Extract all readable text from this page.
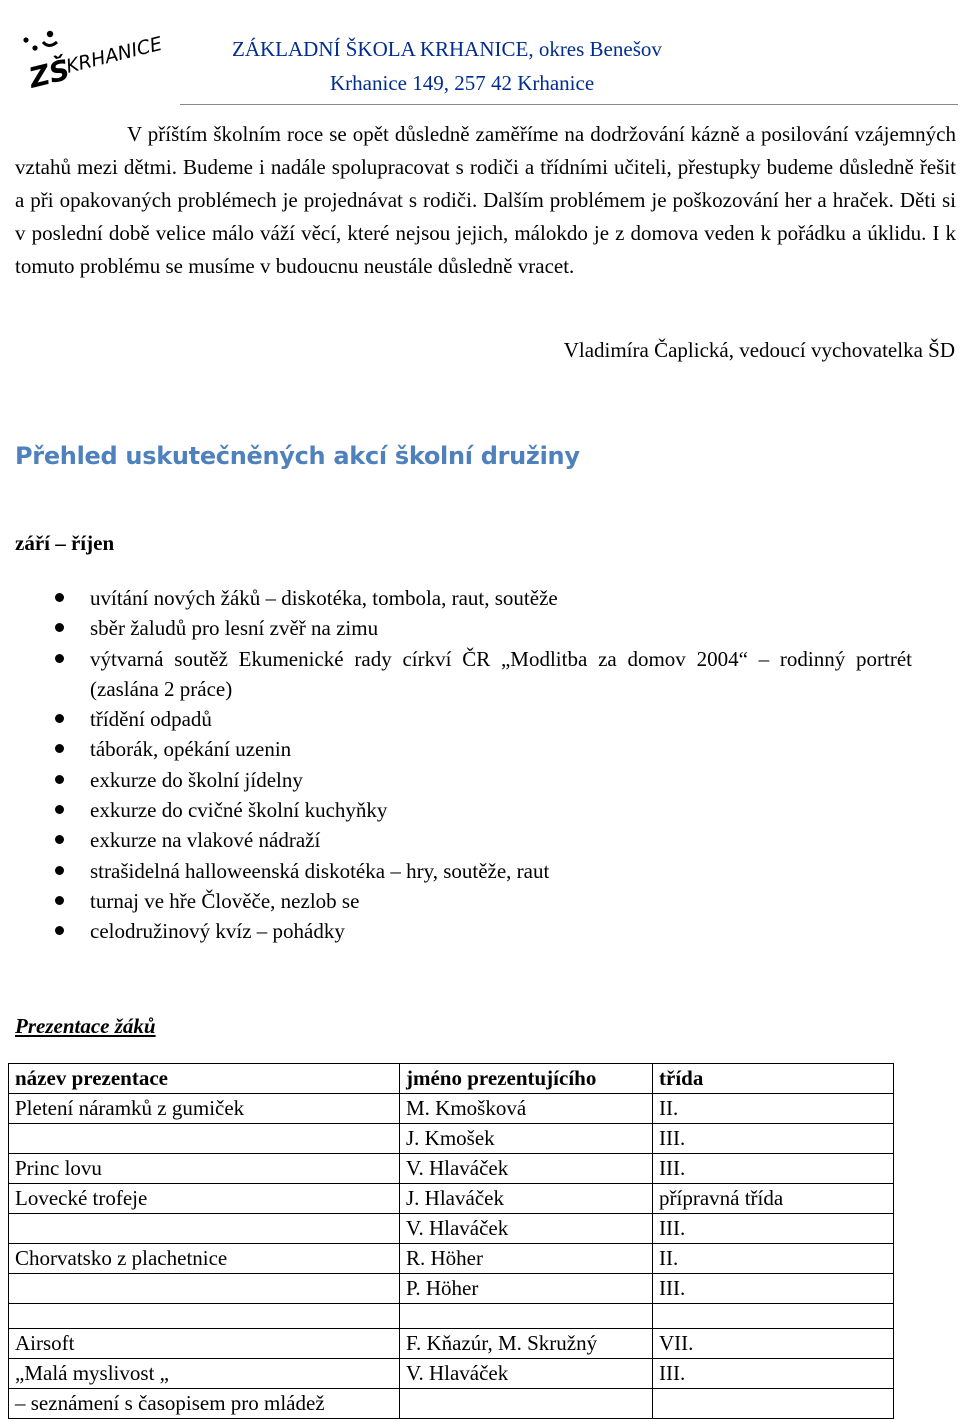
ZŠ
KRHANICE	ZÁKLADNÍ ŠKOLA KRHANICE, okres Benešov
Krhanice 149, 257 42 Krhanice

V příštím školním roce se opět důsledně zaměříme na dodržování kázně a posilování vzájemných vztahů mezi dětmi. Budeme i nadále spolupracovat s rodiči a třídními učiteli, přestupky budeme důsledně řešit a při opakovaných problémech je projednávat s rodiči. Dalším problémem je poškozování her a hraček. Děti si v poslední době velice málo váží věcí, které nejsou jejich, málokdo je z domova veden k pořádku a úklidu. I k tomuto problému se musíme v budoucnu neustále důsledně vracet.

Vladimíra Čaplická, vedoucí vychovatelka ŠD
Přehled uskutečněných akcí školní družiny
září – říjen
uvítání nových žáků – diskotéka, tombola, raut, soutěže
sběr žaludů pro lesní zvěř na zimu
výtvarná soutěž Ekumenické rady církví ČR „Modlitba za domov 2004“ – rodinný portrét (zaslána 2 práce)
třídění odpadů
táborák, opékání uzenin
exkurze do školní jídelny
exkurze do cvičné školní kuchyňky
exkurze na vlakové nádraží
strašidelná halloweenská diskotéka – hry, soutěže, raut
turnaj ve hře Člověče, nezlob se
celodružinový kvíz – pohádky
Prezentace žáků
název prezentace	jméno prezentujícího	třída
Pletení náramků z gumiček	M. Kmošková	II.
	J. Kmošek	III.
Princ lovu	V. Hlaváček	III.
Lovecké trofeje	J. Hlaváček	přípravná třída
	V. Hlaváček	III.
Chorvatsko z plachetnice	R. Höher	II.
	P. Höher	III.

Airsoft	F. Kňazúr, M. Skružný	VII.
„Malá myslivost „	V. Hlaváček	III.
– seznámení s časopisem pro mládež		
